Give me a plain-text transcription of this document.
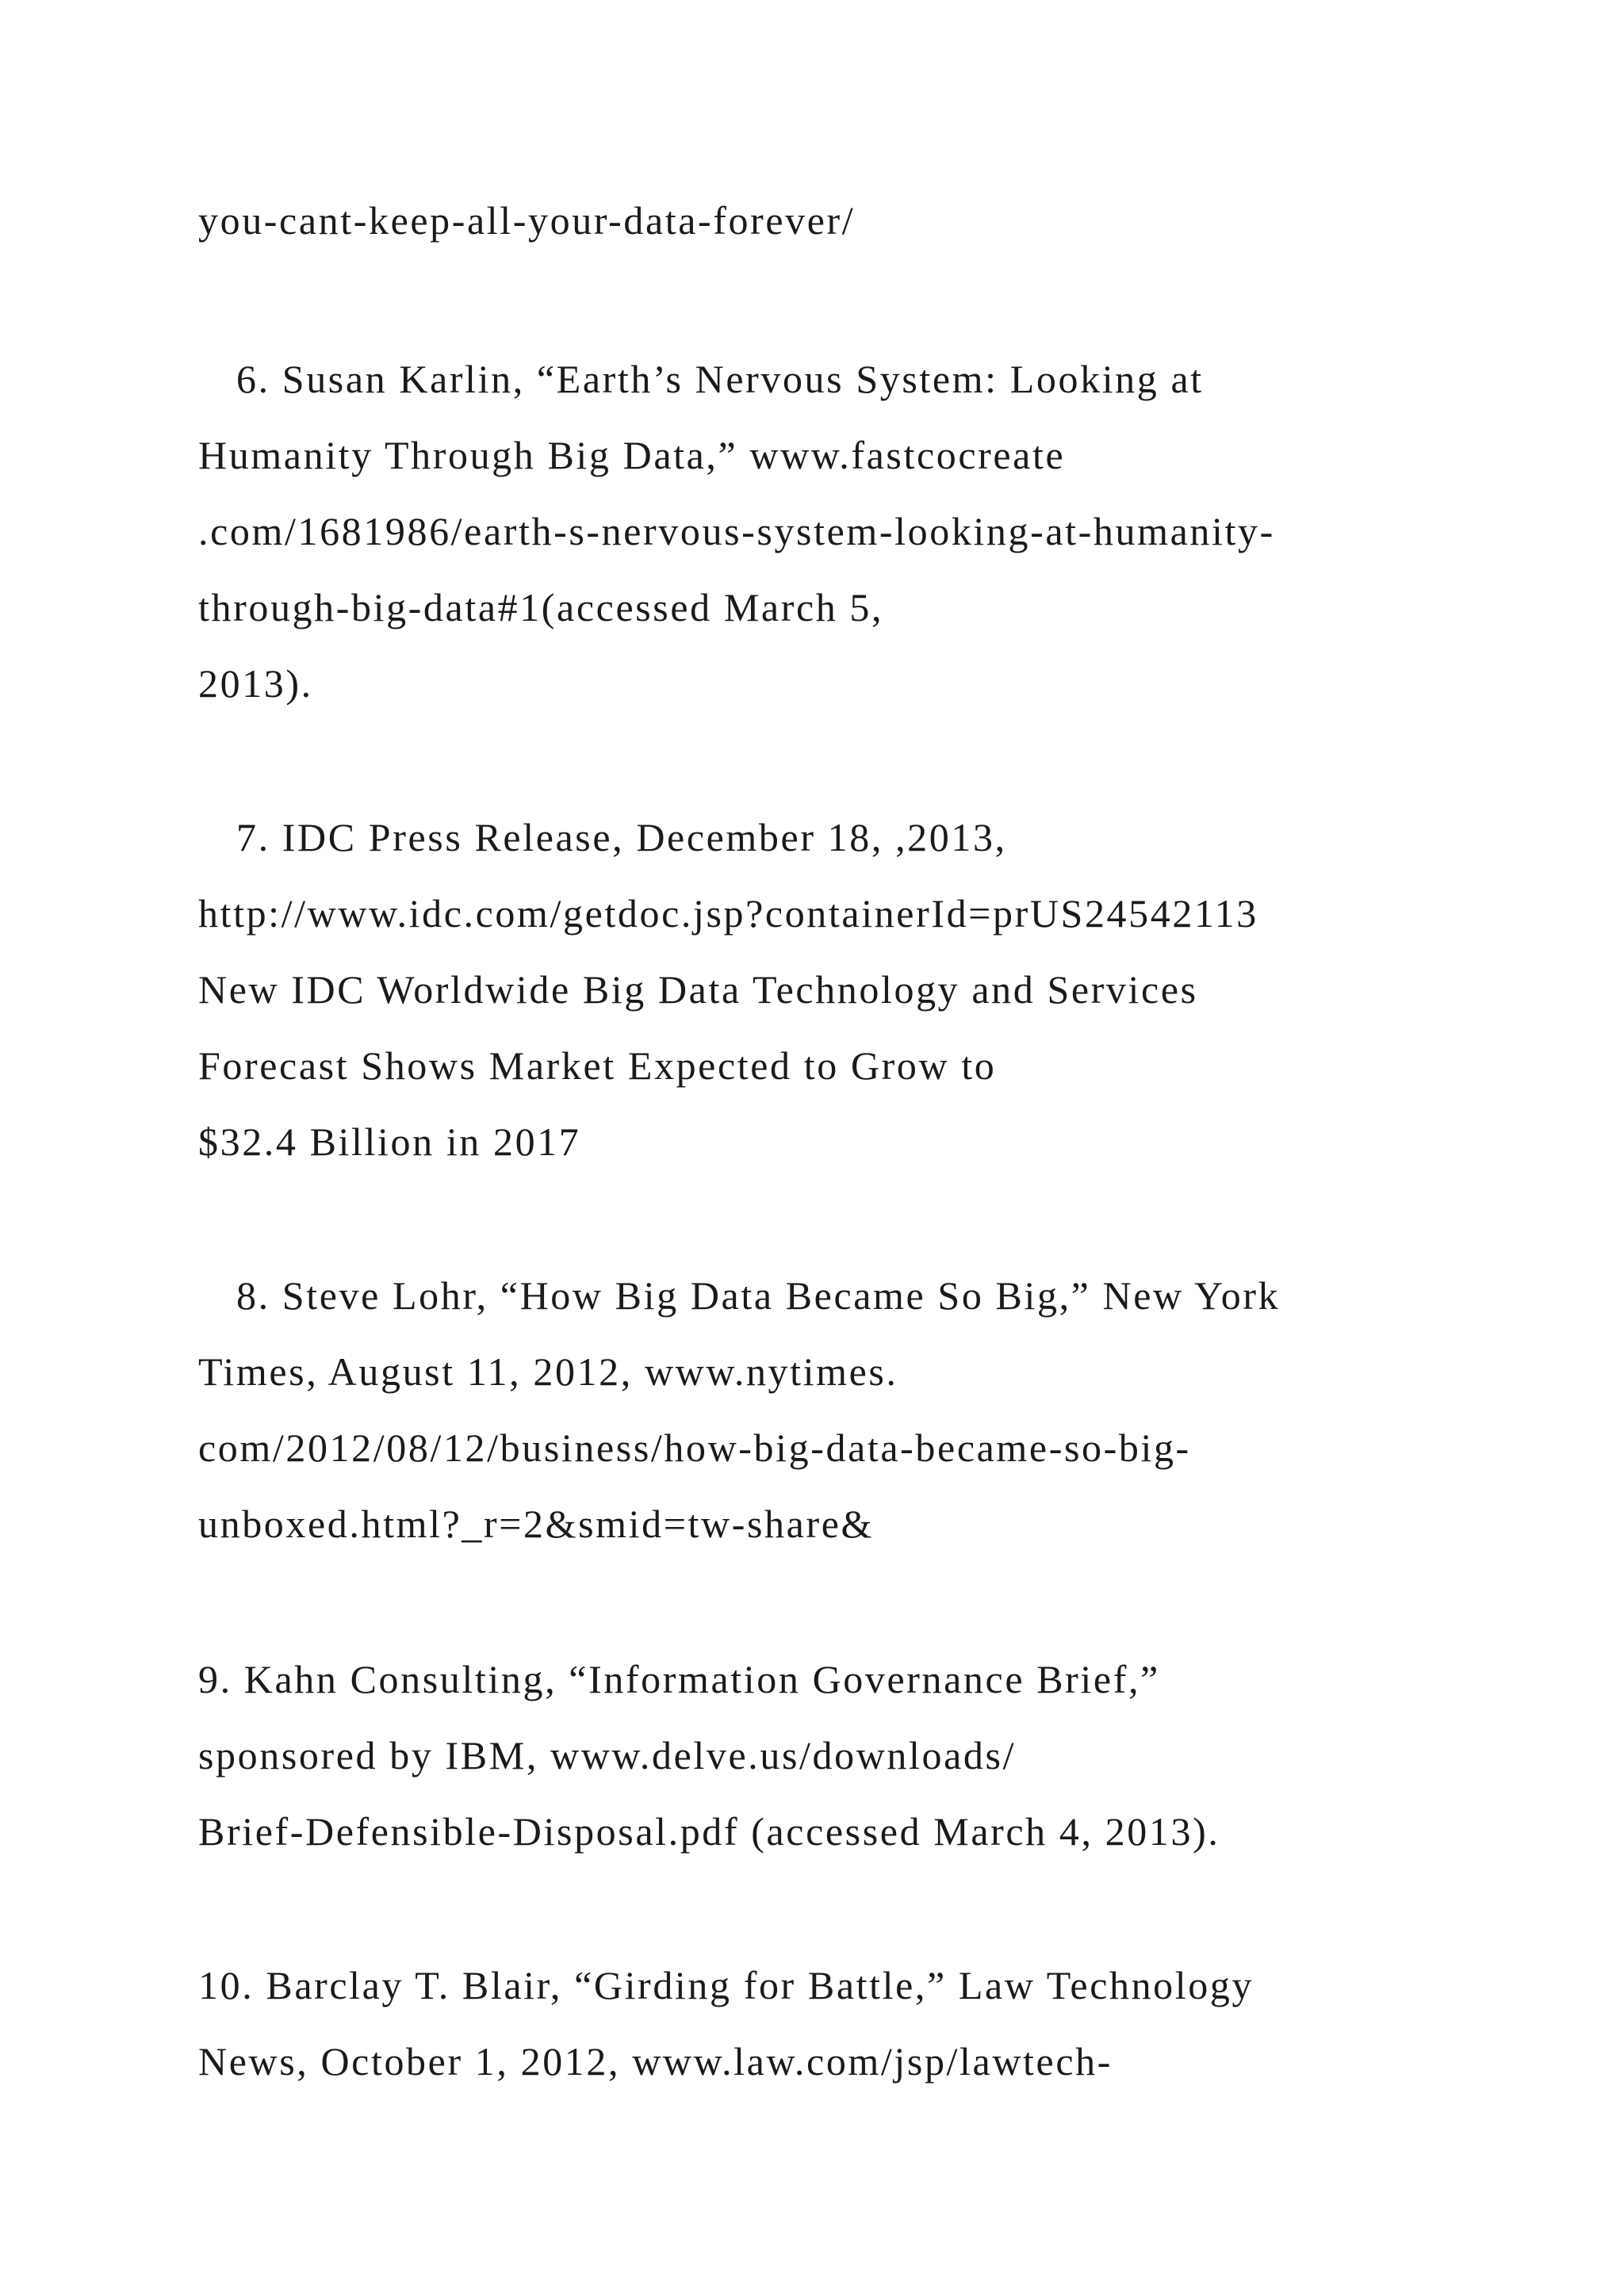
you-cant-keep-all-your-data-forever/

6. Susan Karlin, “Earth’s Nervous System: Looking at

Humanity Through Big Data,” www.fastcocreate

.com/1681986/earth-s-nervous-system-looking-at-humanity-

through-big-data#1(accessed March 5,

2013).

7. IDC Press Release, December 18, ,2013,

http://www.idc.com/getdoc.jsp?containerId=prUS24542113

New IDC Worldwide Big Data Technology and Services

Forecast Shows Market Expected to Grow to

$32.4 Billion in 2017

8. Steve Lohr, “How Big Data Became So Big,” New York

Times, August 11, 2012, www.nytimes.

com/2012/08/12/business/how-big-data-became-so-big-

unboxed.html?_r=2&smid=tw-share&

9. Kahn Consulting, “Information Governance Brief,”

sponsored by IBM, www.delve.us/downloads/

Brief-Defensible-Disposal.pdf (accessed March 4, 2013).

10. Barclay T. Blair, “Girding for Battle,” Law Technology

News, October 1, 2012, www.law.com/jsp/lawtech-
